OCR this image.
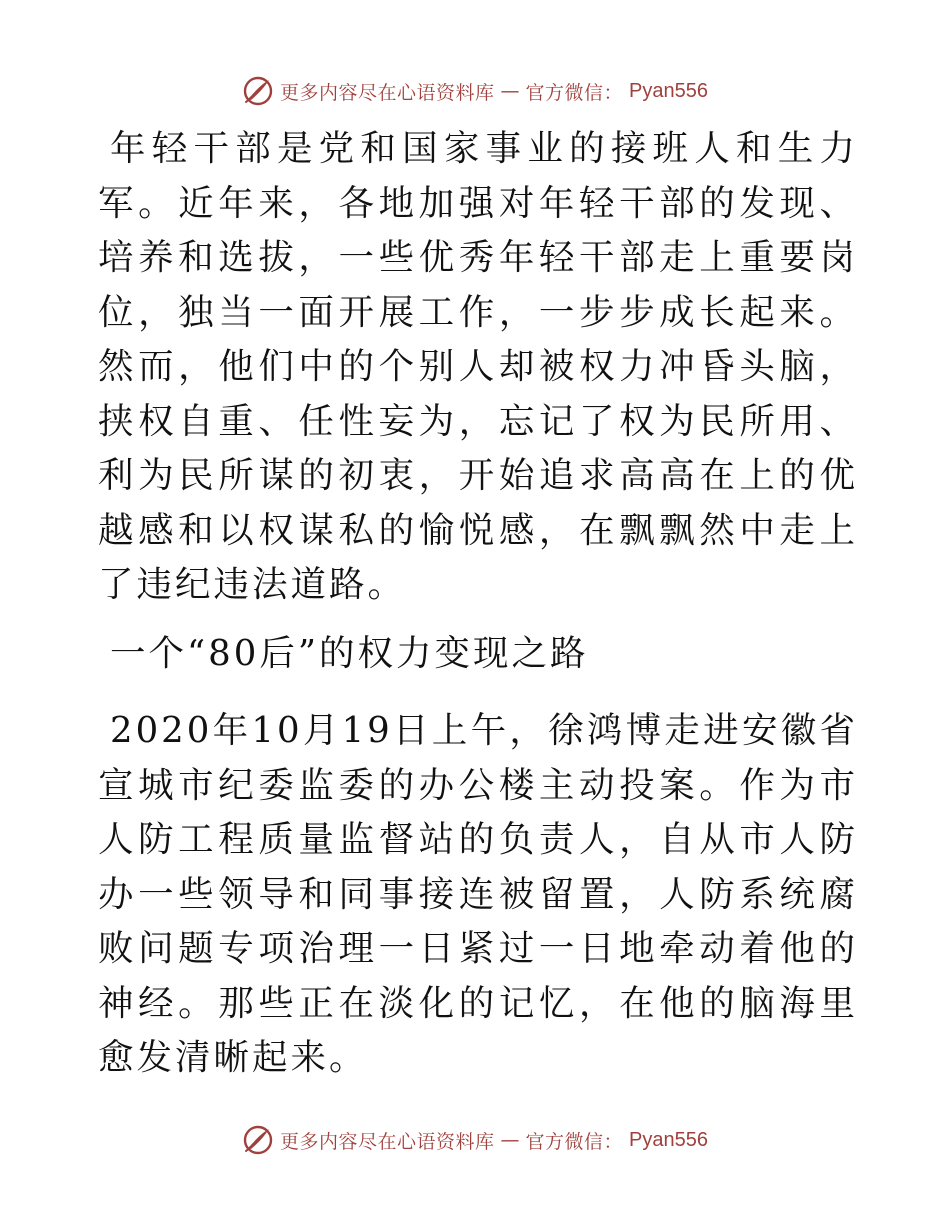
更多内容尽在心语资料库 — 官方微信： Pyan556

年轻干部是党和国家事业的接班人和生力军。近年来，各地加强对年轻干部的发现、培养和选拔，一些优秀年轻干部走上重要岗位，独当一面开展工作，一步步成长起来。然而，他们中的个别人却被权力冲昏头脑，挟权自重、任性妄为，忘记了权为民所用、利为民所谋的初衷，开始追求高高在上的优越感和以权谋私的愉悦感，在飘飘然中走上了违纪违法道路。

一个“80后”的权力变现之路

2020年10月19日上午，徐鸿博走进安徽省宣城市纪委监委的办公楼主动投案。作为市人防工程质量监督站的负责人，自从市人防办一些领导和同事接连被留置，人防系统腐败问题专项治理一日紧过一日地牵动着他的神经。那些正在淡化的记忆，在他的脑海里愈发清晰起来。

更多内容尽在心语资料库 — 官方微信： Pyan556
